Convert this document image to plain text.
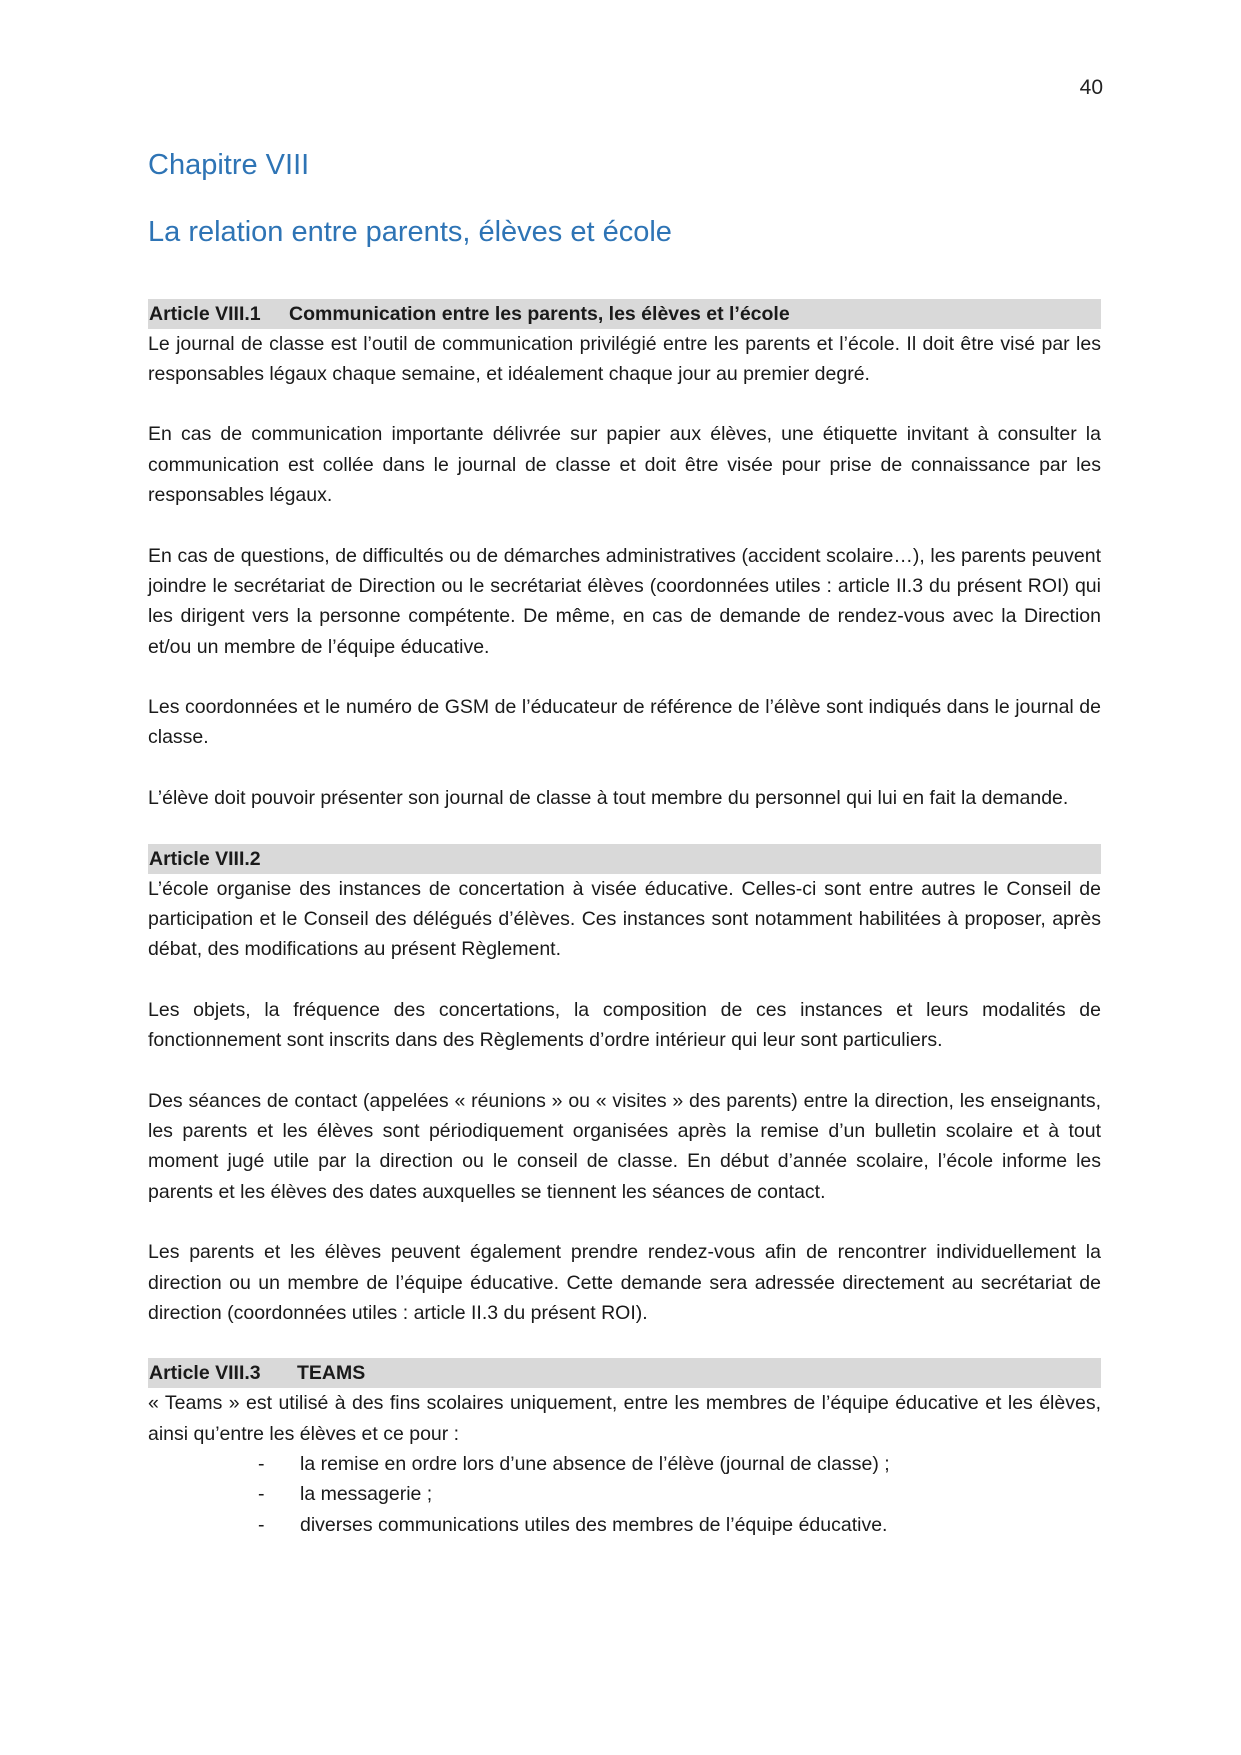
40
Chapitre VIII
La relation entre parents, élèves et école
Article VIII.1 Communication entre les parents, les élèves et l’école

Le journal de classe est l’outil de communication privilégié entre les parents et l’école. Il doit être visé par les responsables légaux chaque semaine, et idéalement chaque jour au premier degré.

En cas de communication importante délivrée sur papier aux élèves, une étiquette invitant à consulter la communication est collée dans le journal de classe et doit être visée pour prise de connaissance par les responsables légaux.

En cas de questions, de difficultés ou de démarches administratives (accident scolaire…), les parents peuvent joindre le secrétariat de Direction ou le secrétariat élèves (coordonnées utiles : article II.3 du présent ROI) qui les dirigent vers la personne compétente. De même, en cas de demande de rendez-vous avec la Direction et/ou un membre de l’équipe éducative.

Les coordonnées et le numéro de GSM de l’éducateur de référence de l’élève sont indiqués dans le journal de classe.

L’élève doit pouvoir présenter son journal de classe à tout membre du personnel qui lui en fait la demande.

Article VIII.2

L’école organise des instances de concertation à visée éducative. Celles-ci sont entre autres le Conseil de participation et le Conseil des délégués d’élèves. Ces instances sont notamment habilitées à proposer, après débat, des modifications au présent Règlement.

Les objets, la fréquence des concertations, la composition de ces instances et leurs modalités de fonctionnement sont inscrits dans des Règlements d’ordre intérieur qui leur sont particuliers.

Des séances de contact (appelées « réunions » ou « visites » des parents) entre la direction, les enseignants, les parents et les élèves sont périodiquement organisées après la remise d’un bulletin scolaire et à tout moment jugé utile par la direction ou le conseil de classe. En début d’année scolaire, l’école informe les parents et les élèves des dates auxquelles se tiennent les séances de contact.

Les parents et les élèves peuvent également prendre rendez-vous afin de rencontrer individuellement la direction ou un membre de l’équipe éducative. Cette demande sera adressée directement au secrétariat de direction (coordonnées utiles : article II.3 du présent ROI).

Article VIII.3 TEAMS

« Teams » est utilisé à des fins scolaires uniquement, entre les membres de l’équipe éducative et les élèves, ainsi qu’entre les élèves et ce pour :

- la remise en ordre lors d’une absence de l’élève (journal de classe) ;
- la messagerie ;
- diverses communications utiles des membres de l’équipe éducative.
